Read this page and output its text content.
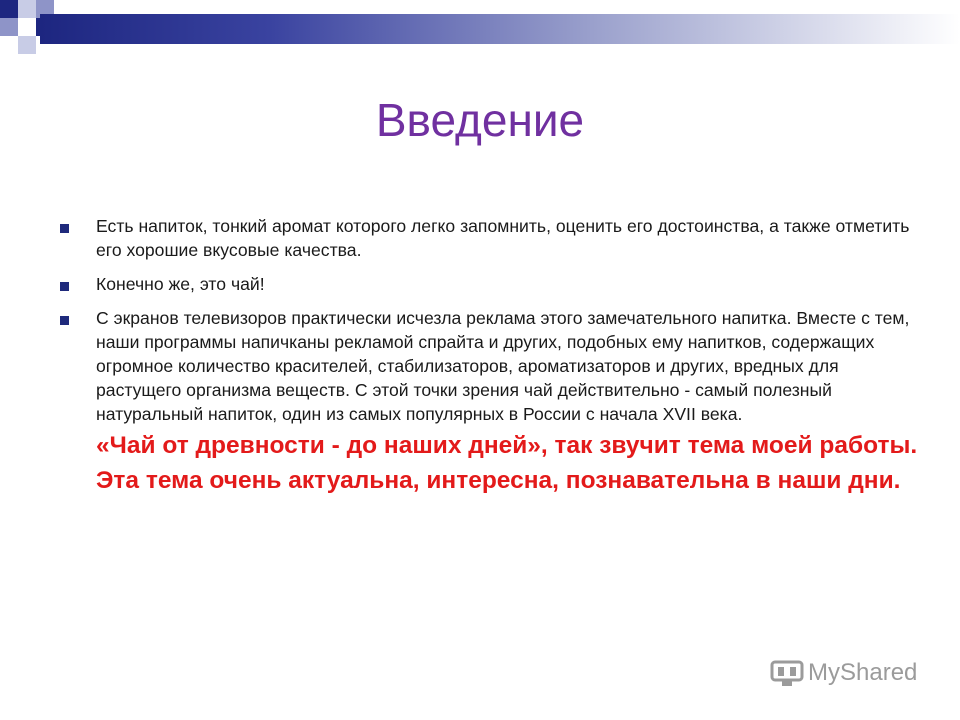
Введение
Есть напиток, тонкий аромат которого легко запомнить, оценить его достоинства, а также отметить его хорошие вкусовые качества.
Конечно же, это чай!
С экранов телевизоров практически исчезла реклама этого замечательного напитка. Вместе с тем, наши программы напичканы рекламой спрайта и других, подобных ему напитков, содержащих огромное количество красителей, стабилизаторов, ароматизаторов и других, вредных для растущего организма веществ. С этой точки зрения чай действительно - самый полезный натуральный напиток, один из самых популярных в России с начала XVII века.
«Чай от древности - до наших дней», так звучит тема моей работы. Эта тема очень актуальна, интересна, познавательна в наши дни.
MyShared
